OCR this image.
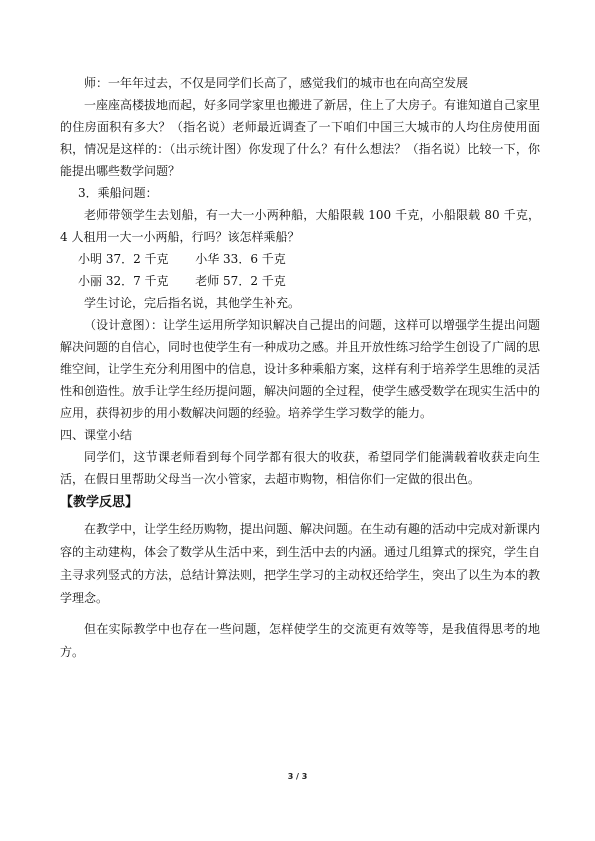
师：一年年过去，不仅是同学们长高了，感觉我们的城市也在向高空发展

一座座高楼拔地而起，好多同学家里也搬进了新居，住上了大房子。有谁知道自己家里的住房面积有多大？（指名说）老师最近调查了一下咱们中国三大城市的人均住房使用面积，情况是这样的：（出示统计图）你发现了什么？有什么想法？（指名说）比较一下，你能提出哪些数学问题？

3．乘船问题：

老师带领学生去划船，有一大一小两种船，大船限载 100 千克，小船限载 80 千克，4 人租用一大一小两船，行吗？该怎样乘船？

小明 37．2 千克       小华 33．6 千克

小丽 32．7 千克       老师 57．2 千克

学生讨论，完后指名说，其他学生补充。

（设计意图）：让学生运用所学知识解决自己提出的问题，这样可以增强学生提出问题解决问题的自信心，同时也使学生有一种成功之感。并且开放性练习给学生创设了广阔的思维空间，让学生充分利用图中的信息，设计多种乘船方案，这样有利于培养学生思维的灵活性和创造性。放手让学生经历提问题，解决问题的全过程，使学生感受数学在现实生活中的应用，获得初步的用小数解决问题的经验。培养学生学习数学的能力。

四、课堂小结

同学们，这节课老师看到每个同学都有很大的收获，希望同学们能满载着收获走向生活，在假日里帮助父母当一次小管家，去超市购物，相信你们一定做的很出色。

【教学反思】

在教学中，让学生经历购物，提出问题、解决问题。在生动有趣的活动中完成对新课内容的主动建构，体会了数学从生活中来，到生活中去的内涵。通过几组算式的探究，学生自主寻求列竖式的方法，总结计算法则，把学生学习的主动权还给学生，突出了以生为本的教学理念。

但在实际教学中也存在一些问题，怎样使学生的交流更有效等等，是我值得思考的地方。

3 / 3
